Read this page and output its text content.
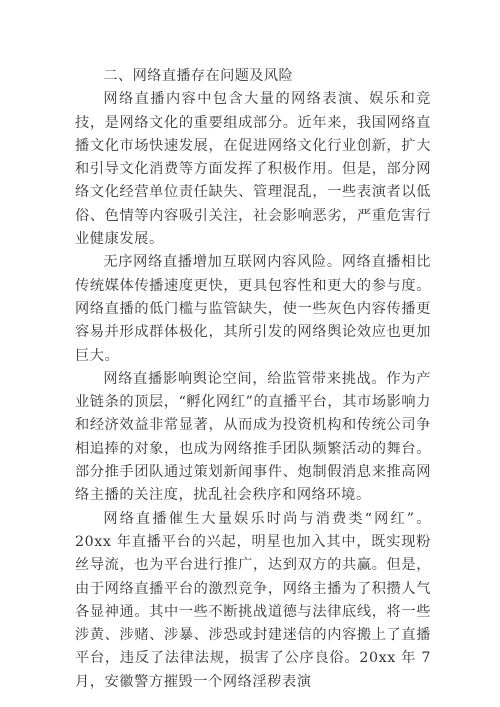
二、网络直播存在问题及风险

网络直播内容中包含大量的网络表演、娱乐和竞技，是网络文化的重要组成部分。近年来，我国网络直播文化市场快速发展，在促进网络文化行业创新，扩大和引导文化消费等方面发挥了积极作用。但是，部分网络文化经营单位责任缺失、管理混乱，一些表演者以低俗、色情等内容吸引关注，社会影响恶劣，严重危害行业健康发展。

无序网络直播增加互联网内容风险。网络直播相比传统媒体传播速度更快，更具包容性和更大的参与度。网络直播的低门槛与监管缺失，使一些灰色内容传播更容易并形成群体极化，其所引发的网络舆论效应也更加巨大。

网络直播影响舆论空间，给监管带来挑战。作为产业链条的顶层，“孵化网红”的直播平台，其市场影响力和经济效益非常显著，从而成为投资机构和传统公司争相追捧的对象，也成为网络推手团队频繁活动的舞台。部分推手团队通过策划新闻事件、炮制假消息来推高网络主播的关注度，扰乱社会秩序和网络环境。

网络直播催生大量娱乐时尚与消费类“网红”。20xx 年直播平台的兴起，明星也加入其中，既实现粉丝导流，也为平台进行推广，达到双方的共赢。但是，由于网络直播平台的激烈竞争，网络主播为了积攒人气各显神通。其中一些不断挑战道德与法律底线，将一些涉黄、涉赌、涉暴、涉恐或封建迷信的内容搬上了直播平台，违反了法律法规，损害了公序良俗。20xx 年 7 月，安徽警方摧毁一个网络淫秽表演
